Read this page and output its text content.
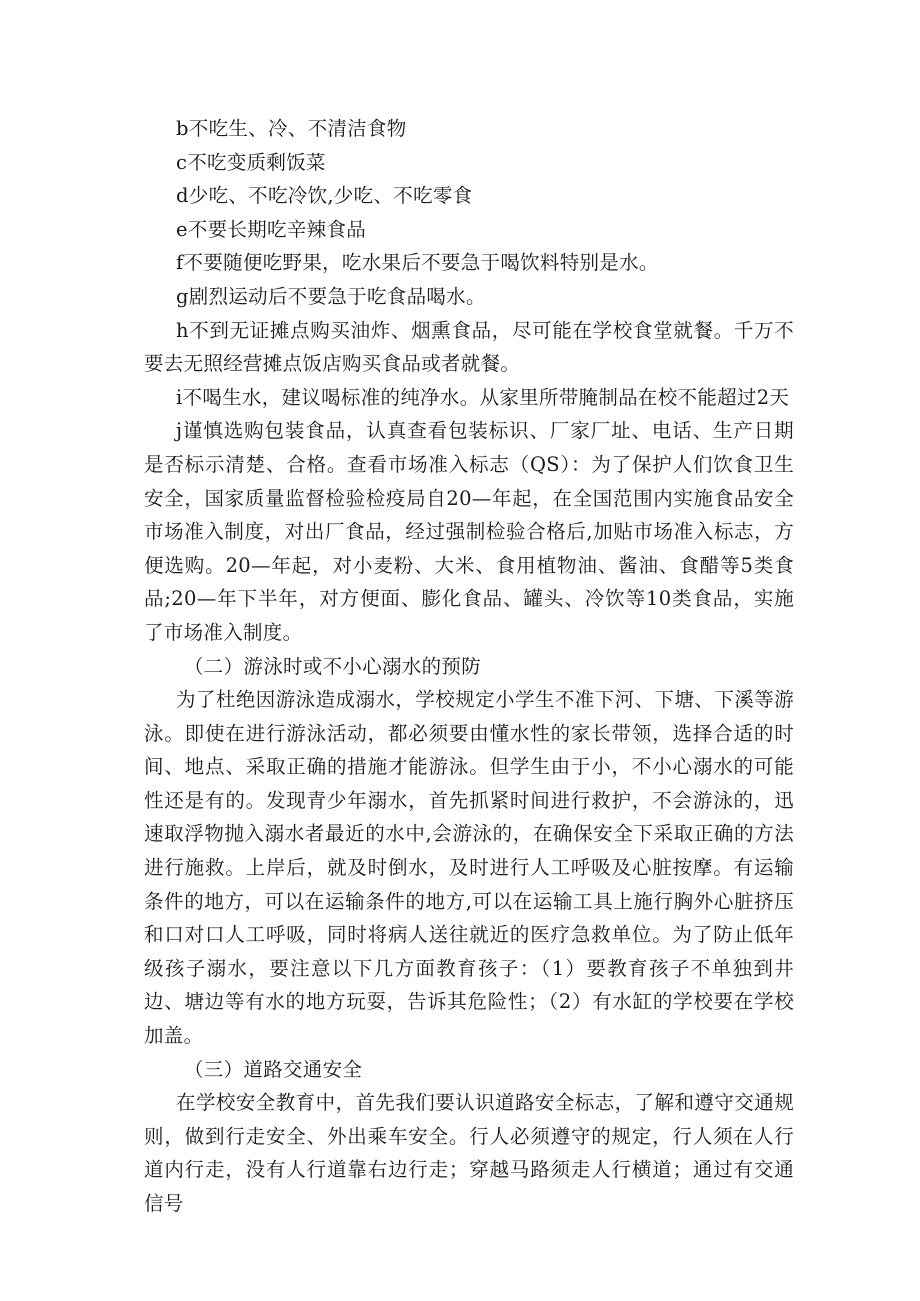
b不吃生、冷、不清洁食物

c不吃变质剩饭菜

d少吃、不吃冷饮,少吃、不吃零食

e不要长期吃辛辣食品

f不要随便吃野果，吃水果后不要急于喝饮料特别是水。

g剧烈运动后不要急于吃食品喝水。

h不到无证摊点购买油炸、烟熏食品，尽可能在学校食堂就餐。千万不要去无照经营摊点饭店购买食品或者就餐。

i不喝生水，建议喝标准的纯净水。从家里所带腌制品在校不能超过2天

j谨慎选购包装食品，认真查看包装标识、厂家厂址、电话、生产日期是否标示清楚、合格。查看市场准入标志（QS）：为了保护人们饮食卫生安全，国家质量监督检验检疫局自20—年起，在全国范围内实施食品安全市场准入制度，对出厂食品，经过强制检验合格后,加贴市场准入标志，方便选购。20—年起，对小麦粉、大米、食用植物油、酱油、食醋等5类食品;20—年下半年，对方便面、膨化食品、罐头、冷饮等10类食品，实施了市场准入制度。

（二）游泳时或不小心溺水的预防

为了杜绝因游泳造成溺水，学校规定小学生不准下河、下塘、下溪等游泳。即使在进行游泳活动，都必须要由懂水性的家长带领，选择合适的时间、地点、采取正确的措施才能游泳。但学生由于小，不小心溺水的可能性还是有的。发现青少年溺水，首先抓紧时间进行救护，不会游泳的，迅速取浮物抛入溺水者最近的水中,会游泳的，在确保安全下采取正确的方法进行施救。上岸后，就及时倒水，及时进行人工呼吸及心脏按摩。有运输条件的地方，可以在运输条件的地方,可以在运输工具上施行胸外心脏挤压和口对口人工呼吸，同时将病人送往就近的医疗急救单位。为了防止低年级孩子溺水，要注意以下几方面教育孩子：（1）要教育孩子不单独到井边、塘边等有水的地方玩耍，告诉其危险性；（2）有水缸的学校要在学校加盖。

（三）道路交通安全

在学校安全教育中，首先我们要认识道路安全标志，了解和遵守交通规则，做到行走安全、外出乘车安全。行人必须遵守的规定，行人须在人行道内行走，没有人行道靠右边行走；穿越马路须走人行横道；通过有交通信号
